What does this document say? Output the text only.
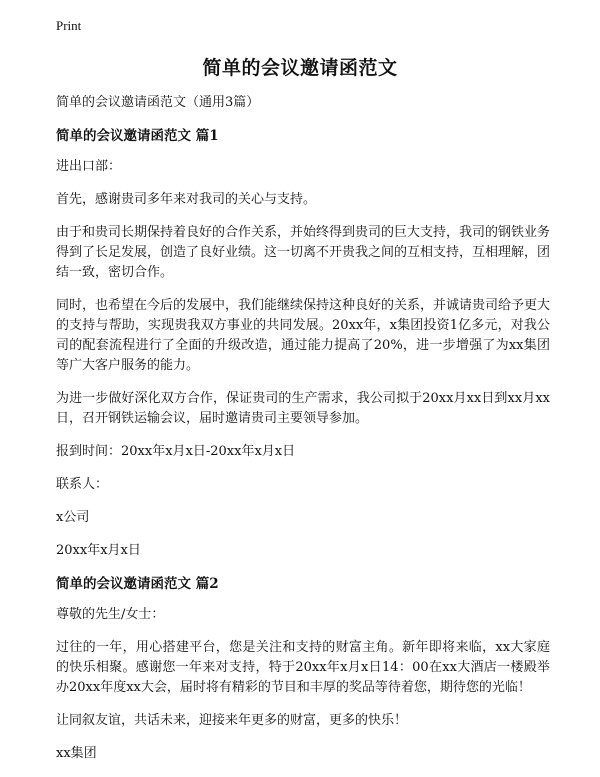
Print
简单的会议邀请函范文

简单的会议邀请函范文（通用3篇）

简单的会议邀请函范文 篇1

进出口部：

首先，感谢贵司多年来对我司的关心与支持。

由于和贵司长期保持着良好的合作关系，并始终得到贵司的巨大支持，我司的钢铁业务得到了长足发展，创造了良好业绩。这一切离不开贵我之间的互相支持，互相理解，团结一致，密切合作。

同时，也希望在今后的发展中，我们能继续保持这种良好的关系，并诚请贵司给予更大的支持与帮助，实现贵我双方事业的共同发展。20xx年，x集团投资1亿多元，对我公司的配套流程进行了全面的升级改造，通过能力提高了20%，进一步增强了为xx集团等广大客户服务的能力。

为进一步做好深化双方合作，保证贵司的生产需求，我公司拟于20xx月xx日到xx月xx日，召开钢铁运输会议，届时邀请贵司主要领导参加。

报到时间：20xx年x月x日-20xx年x月x日

联系人：

x公司

20xx年x月x日

简单的会议邀请函范文 篇2

尊敬的先生/女士：

过往的一年，用心搭建平台，您是关注和支持的财富主角。新年即将来临，xx大家庭的快乐相聚。感谢您一年来对支持，特于20xx年x月x日14：00在xx大酒店一楼殿举办20xx年度xx大会，届时将有精彩的节目和丰厚的奖品等待着您，期待您的光临！

让同叙友谊，共话未来，迎接来年更多的财富，更多的快乐！

xx集团
